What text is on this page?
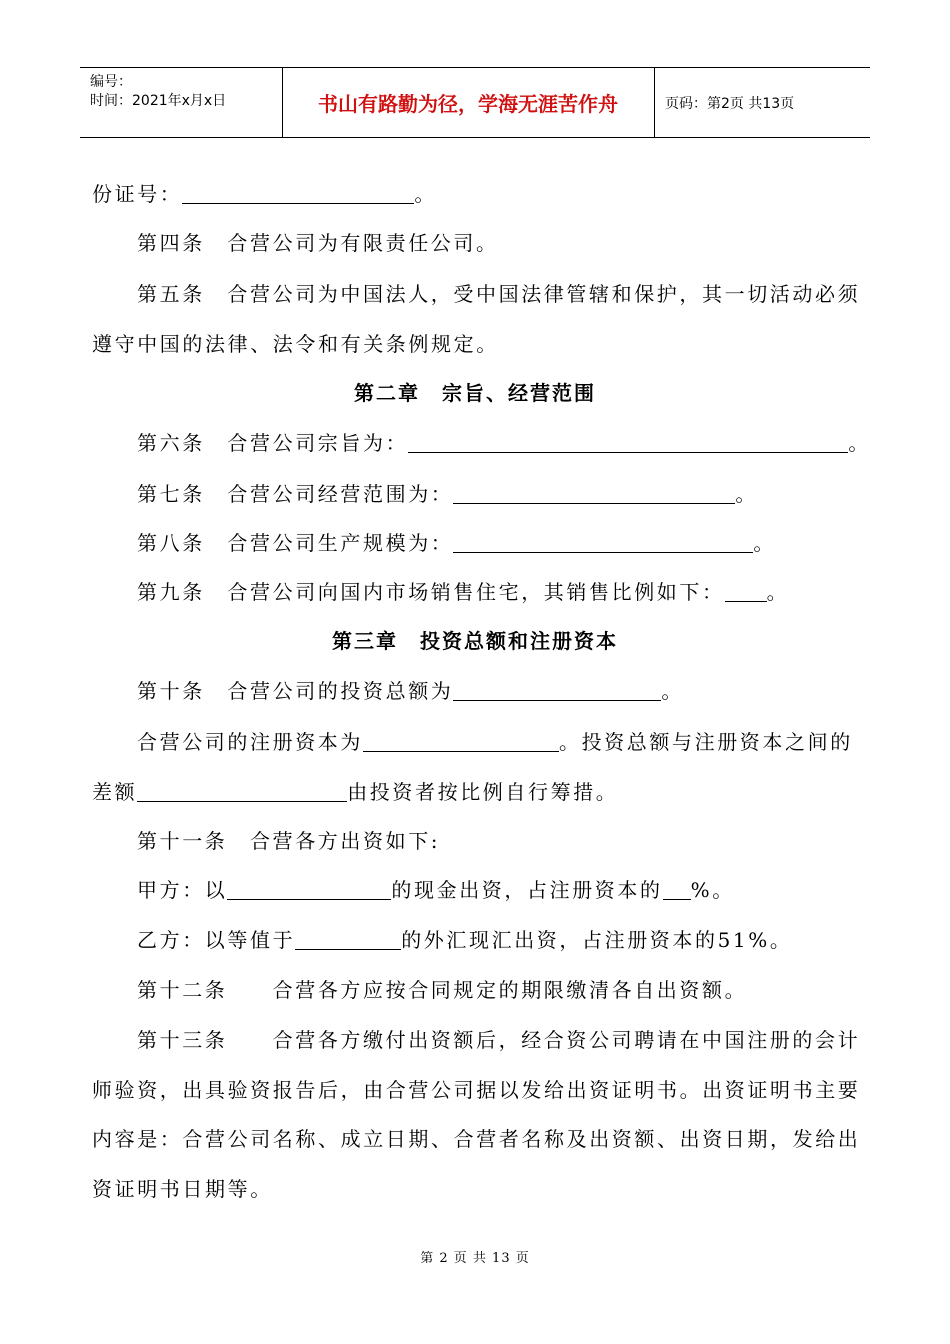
编号：
时间：2021年x月x日	书山有路勤为径，学海无涯苦作舟	页码：第2页 共13页
份证号：	。
第四条　合营公司为有限责任公司。
第五条　合营公司为中国法人，受中国法律管辖和保护，其一切活动必须
遵守中国的法律、法令和有关条例规定。
第二章　宗旨、经营范围
第六条　合营公司宗旨为：	。
第七条　合营公司经营范围为：	。
第八条　合营公司生产规模为：	。
第九条　合营公司向国内市场销售住宅，其销售比例如下： 。
第三章　投资总额和注册资本
第十条　合营公司的投资总额为	。
合营公司的注册资本为	。投资总额与注册资本之间的
差额	由投资者按比例自行筹措。
第十一条　合营各方出资如下:
甲方：以	的现金出资，占注册资本的 %。
乙方：以等值于	的外汇现汇出资，占注册资本的51%。
第十二条　　合营各方应按合同规定的期限缴清各自出资额。
第十三条　　合营各方缴付出资额后，经合资公司聘请在中国注册的会计
师验资，出具验资报告后，由合营公司据以发给出资证明书。出资证明书主要
内容是：合营公司名称、成立日期、合营者名称及出资额、出资日期，发给出
资证明书日期等。
第 2 页 共 13 页
